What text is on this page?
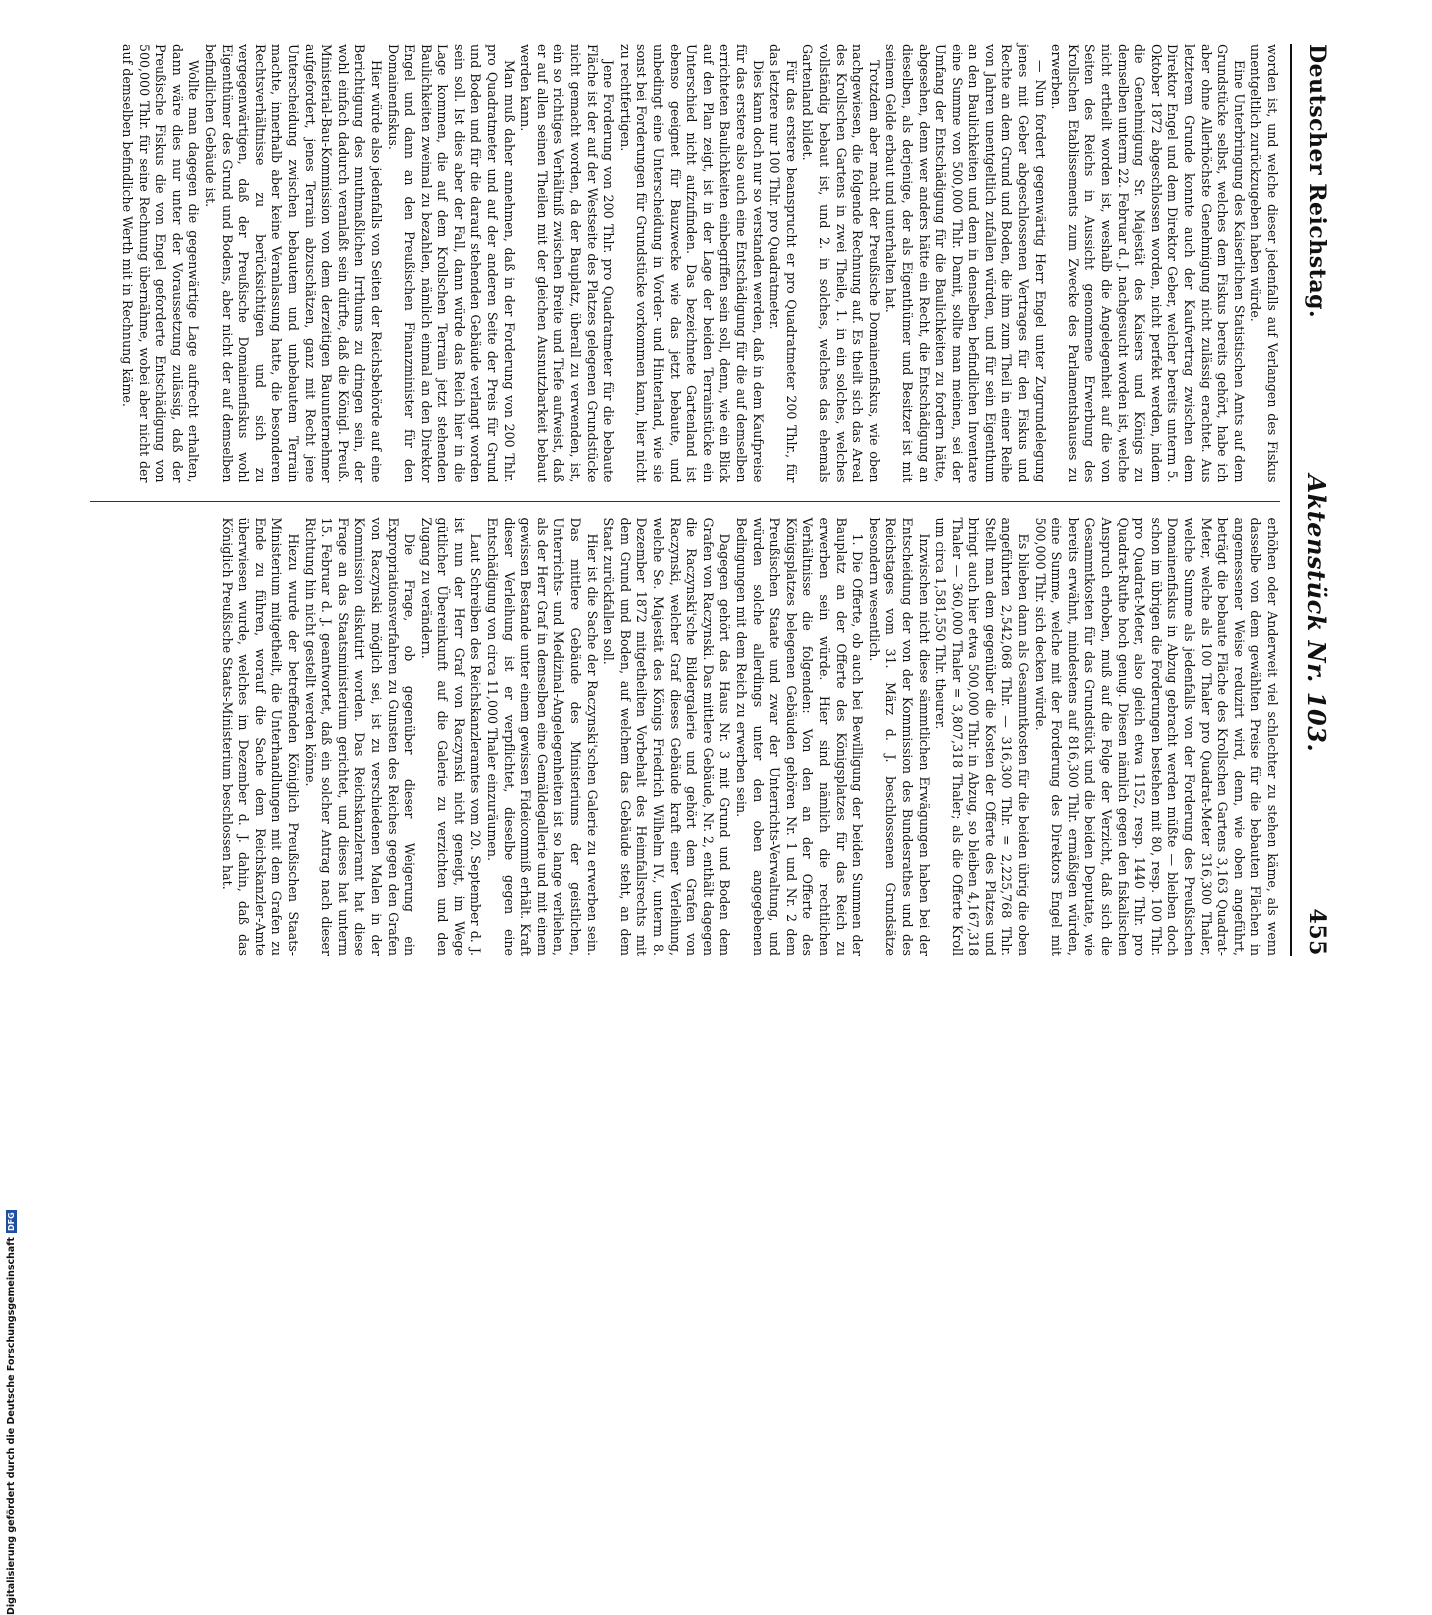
Deutscher Reichstag.
Aktenstück Nr. 103.
455

worden ist, und welche dieser jedenfalls auf Verlangen des Fiskus unentgeltlich zurückzugeben haben würde.

Eine Unterbringung des Kaiserlichen Statistischen Amts auf dem Grundstücke selbst, welches dem Fiskus bereits gehört, habe ich aber ohne Allerhöchste Genehmigung nicht zulässig erachtet. Aus letzterem Grunde konnte auch der Kaufvertrag zwischen dem Direktor Engel und dem Direktor Geber, welcher bereits unterm 5. Oktober 1872 abgeschlossen worden, nicht perfekt werden, indem die Genehmigung Sr. Majestät des Kaisers und Königs zu demselben unterm 22. Februar d. J. nachgesucht worden ist, welche nicht ertheilt worden ist, weshalb die Angelegenheit auf die von Seiten des Reichs in Aussicht genommene Erwerbung des Krollschen Etablissements zum Zwecke des Parlamentshauses zu erwerben.

— Nun fordert gegenwärtig Herr Engel unter Zugrundelegung jenes mit Geber abgeschlossenen Vertrages für den Fiskus und Rechte an dem Grund und Boden, die ihm zum Theil in einer Reihe von Jahren unentgeltlich zufallen würden, und für sein Eigenthum an den Baulichkeiten und dem in denselben befindlichen Inventare eine Summe von 500,000 Thlr. Damit, sollte man meinen, sei der Umfang der Entschädigung für die Baulichkeiten zu fordern hätte, abgesehen, denn wer anders hätte ein Recht, die Entschädigung an dieselben, als derjenige, der als Eigenthümer und Besitzer ist mit seinem Gelde erbaut und unterhalten hat.

Trotzdem aber macht der Preußische Domainenfiskus, wie oben nachgewiesen, die folgende Rechnung auf. Es theilt sich das Areal des Krollschen Gartens in zwei Theile, 1. in ein solches, welches vollständig bebaut ist, und 2. in solches, welches das ehemals Gartenland bildet.

Für das erstere beansprucht er pro Quadratmeter 200 Thlr., für das letztere nur 100 Thlr. pro Quadratmeter.

Dies kann doch nur so verstanden werden, daß in dem Kaufpreise für das erstere also auch eine Entschädigung für die auf demselben errichteten Baulichkeiten einbegriffen sein soll, denn, wie ein Blick auf den Plan zeigt, ist in der Lage der beiden Terrainstücke ein Unterschied nicht aufzufinden. Das bezeichnete Gartenland ist ebenso geeignet für Bauzwecke wie das jetzt bebaute, und unbedingt eine Unterscheidung in Vorder- und Hinterland, wie sie sonst bei Forderungen für Grundstücke vorkommen kann, hier nicht zu rechtfertigen.

Jene Forderung von 200 Thlr. pro Quadratmeter für die bebaute Fläche ist der auf der Westseite des Platzes gelegenen Grundstücke nicht gemacht worden, da der Bauplatz, überall zu verwenden, ist, ein so richtiges Verhältniß zwischen Breite und Tiefe aufweist, daß er auf allen seinen Theilen mit der gleichen Ausnutzbarkeit bebaut werden kann.

Man muß daher annehmen, daß in der Forderung von 200 Thlr. pro Quadratmeter und auf der anderen Seite der Preis für Grund und Boden und für die darauf stehenden Gebäude verlangt worden sein soll. Ist dies aber der Fall, dann würde das Reich hier in die Lage kommen, die auf dem Krollschen Terrain jetzt stehenden Baulichkeiten zweimal zu bezahlen, nämlich einmal an den Direktor Engel und dann an den Preußischen Finanzminister für den Domainenfiskus.

Hier würde also jedenfalls von Seiten der Reichsbehörde auf eine Berichtigung des muthmaßlichen Irrthums zu dringen sein, der wohl einfach dadurch veranlaßt sein dürfte, daß die Königl. Preuß. Ministerial-Bau-Kommission von dem derzeitigen Bauunternehmer aufgefordert, jenes Terrain abzuschätzen, ganz mit Recht jene Unterscheidung zwischen bebautem und unbebautem Terrain machte, innerhalb aber keine Veranlassung hatte, die besonderen Rechtsverhältnisse zu berücksichtigen und sich zu vergegenwärtigen, daß der Preußische Domainenfiskus wohl Eigenthümer des Grund und Bodens, aber nicht der auf demselben befindlichen Gebäude ist.

Wollte man dagegen die gegenwärtige Lage aufrecht erhalten, dann wäre dies nur unter der Voraussetzung zulässig, daß der Preußische Fiskus die von Engel geforderte Entschädigung von 500,000 Thlr. für seine Rechnung übernähme, wobei aber nicht der auf demselben befindliche Werth mit in Rechnung käme.

erhöhen oder Anderweit viel schlechter zu stehen käme, als wenn dasselbe von dem gewählten Preise für die bebauten Flächen in angemessener Weise reduzirt wird, denn, wie oben angeführt, beträgt die bebaute Fläche des Krollschen Gartens 3,163 Quadrat-Meter, welche als 100 Thaler pro Quadrat-Meter 316,300 Thaler, welche Summe als jedenfalls von der Forderung des Preußischen Domainenfiskus in Abzug gebracht werden müßte — bleiben doch schon im übrigen die Forderungen bestehen mit 80, resp. 100 Thlr. pro Quadrat-Meter, also gleich etwa 1152, resp. 1440 Thlr. pro Quadrat-Ruthe hoch genug. Diesen nämlich gegen den fiskalischen Anspruch erhoben, muß auf die Folge der Verzicht, daß sich die Gesammtkosten für das Grundstück und die beiden Deputate, wie bereits erwähnt, mindestens auf 816,300 Thlr. ermäßigen würden, eine Summe, welche mit der Forderung des Direktors Engel mit 500,000 Thlr. sich decken würde.

Es blieben dann als Gesammtkosten für die beiden übrig die oben angeführten 2,542,068 Thlr. — 316,300 Thlr. = 2,225,768 Thlr. Stellt man dem gegenüber die Kosten der Offerte des Platzes und bringt auch hier etwa 500,000 Thlr. in Abzug, so bleiben 4,167,318 Thaler — 360,000 Thaler = 3,807,318 Thaler; als die Offerte Kroll um circa 1,581,550 Thlr. theurer.

Inzwischen nicht diese sämmtlichen Erwägungen haben bei der Entscheidung der von der Kommission des Bundesrathes und des Reichstages vom 31. März d. J. beschlossenen Grundsätze besondern wesentlich.

1. Die Offerte, ob auch bei Bewilligung der beiden Summen der Bauplatz an der Offerte des Königsplatzes für das Reich zu erwerben sein würde. Hier sind nämlich die rechtlichen Verhältnisse die folgenden: Von den an der Offerte des Königsplatzes belegenen Gebäuden gehören Nr. 1 und Nr. 2 dem Preußischen Staate und zwar der Unterrichts-Verwaltung, und würden solche allerdings unter den oben angegebenen Bedingungen mit dem Reich zu erwerben sein.

Dagegen gehört das Haus Nr. 3 mit Grund und Boden dem Grafen von Raczynski. Das mittlere Gebäude, Nr. 2, enthält dagegen die Raczynski'sche Bildergalerie und gehört dem Grafen von Raczynski, welcher Graf dieses Gebäude kraft einer Verleihung, welche Se. Majestät des Königs Friedrich Wilhelm IV., unterm 8. Dezember 1872 mitgetheilten Vorbehalt des Heimfallsrechts mit dem Grund und Boden, auf welchem das Gebäude steht, an dem Staat zurückfallen soll.

Hier ist die Sache der Raczynski'schen Galerie zu erwerben sein. Das mittlere Gebäude des Ministeriums der geistlichen, Unterrichts- und Medizinal-Angelegenheiten ist so lange verliehen, als der Herr Graf in demselben eine Gemäldegallerie und mit einem gewissen Bestande unter einem gewissen Fideicommiß erhält. Kraft dieser Verleihung ist er verpflichtet, dieselbe gegen eine Entschädigung von circa 11,000 Thaler einzuräumen.

Laut Schreiben des Reichskanzleramtes vom 20. September d. J. ist nun der Herr Graf von Raczynski nicht geneigt, im Wege gütlicher Übereinkunft auf die Galerie zu verzichten und den Zugang zu verändern.

Die Frage, ob gegenüber dieser Weigerung ein Expropriationsverfahren zu Gunsten des Reiches gegen den Grafen von Raczynski möglich sei, ist zu verschiedenen Malen in der Kommission diskutirt worden. Das Reichskanzleramt hat diese Frage an das Staatsministerium gerichtet, und dieses hat unterm 15. Februar d. J. geantwortet, daß ein solcher Antrag nach dieser Richtung hin nicht gestellt werden könne.

Hiezu wurde der betreffenden Königlich Preußischen Staats-Ministerium mitgetheilt, die Unterhandlungen mit dem Grafen zu Ende zu führen, worauf die Sache dem Reichskanzler-Amte überwiesen wurde, welches im Dezember d. J. dahin, daß das Königlich Preußische Staats-Ministerium beschlossen hat.

Digitalisierung gefördert durch die Deutsche Forschungsgemeinschaft
DFG
